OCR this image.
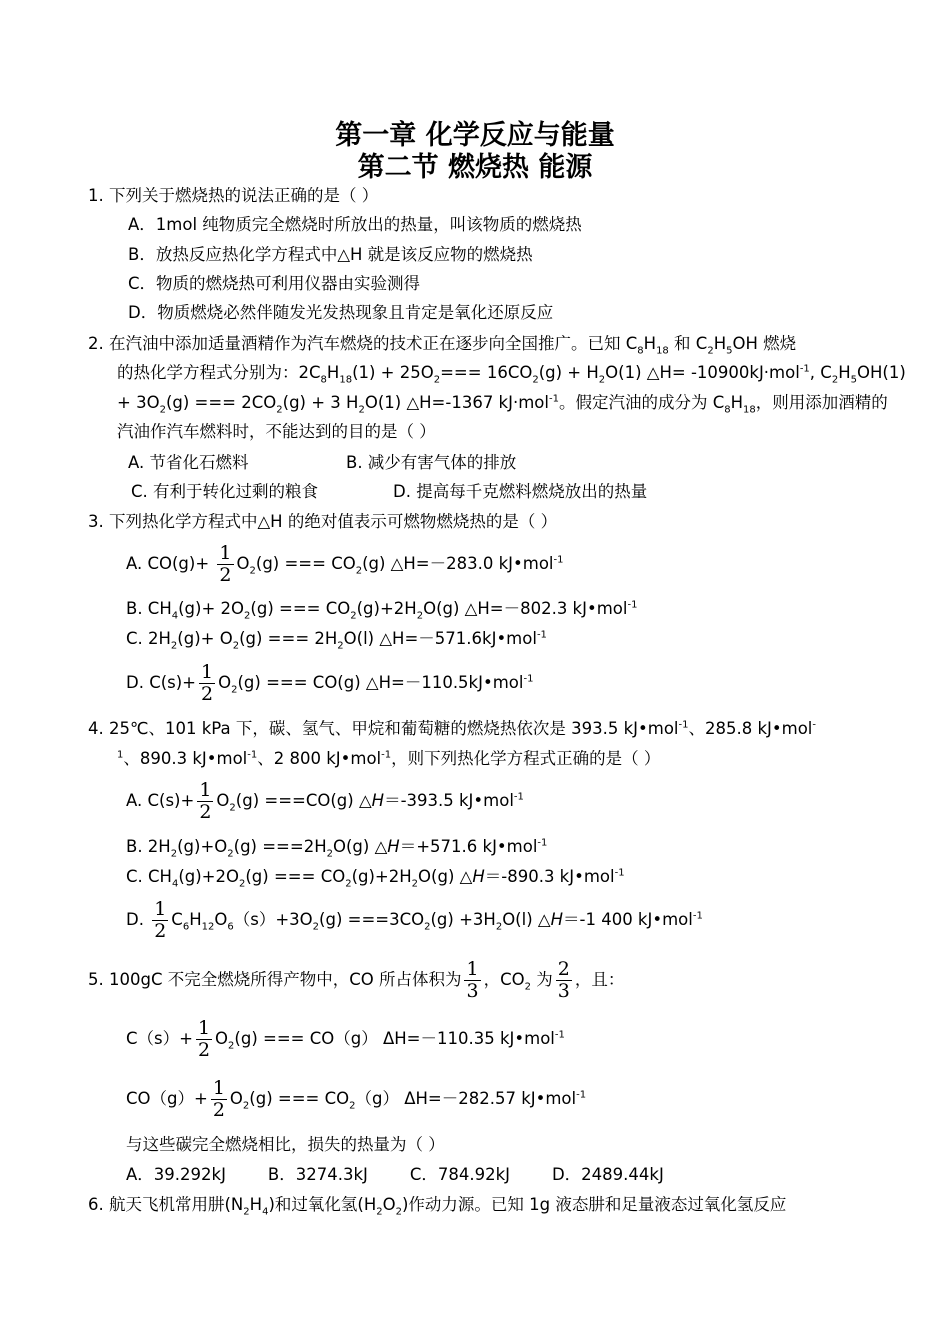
第一章 化学反应与能量
第二节 燃烧热 能源
1. 下列关于燃烧热的说法正确的是（ ）
A．1mol 纯物质完全燃烧时所放出的热量，叫该物质的燃烧热
B．放热反应热化学方程式中△H 就是该反应物的燃烧热
C．物质的燃烧热可利用仪器由实验测得
D．物质燃烧必然伴随发光发热现象且肯定是氧化还原反应
2. 在汽油中添加适量酒精作为汽车燃烧的技术正在逐步向全国推广。已知 $C_8H_{18}$ 和 $C_2H_5OH$ 燃烧
的热化学方程式分别为：$2C_8H_{18}(1) + 25O_2=== 16CO_2(g) + H_2O(1)$ △H= -10900kJ·mol$^{-1}$, $C_2H_5OH(1)$
+ $3O_2(g)$ === $2CO_2(g) + 3$ $H_2O(1)$ △H=-1367 kJ·mol$^{-1}$。假定汽油的成分为 $C_8H_{18}$，则用添加酒精的
汽油作汽车燃料时，不能达到的目的是（ ）
A. 节省化石燃料	B. 减少有害气体的排放
C. 有利于转化过剩的粮食	D. 提高每千克燃料燃烧放出的热量
3. 下列热化学方程式中△H 的绝对值表示可燃物燃烧热的是（ ）
A. $CO(g)+ \frac{1}{2} O_2(g)$ === $CO_2(g)$ △H=－283.0 kJ•mol$^{-1}$
B. $CH_4(g)+ 2O_2(g)$ === $CO_2(g)+2H_2O(g)$ △H=－802.3 kJ•mol$^{-1}$
C. $2H_2(g)+ O_2(g)$ === $2H_2O(l)$ △H=－571.6kJ•mol$^{-1}$
D. $C(s)+ \frac{1}{2} O_2(g)$ === CO(g) △H=－110.5kJ•mol$^{-1}$
4. 25℃、101 kPa 下，碳、氢气、甲烷和葡萄糖的燃烧热依次是 393.5 kJ•mol$^{-1}$、285.8 kJ•mol-
$^1$、890.3 kJ•mol$^{-1}$、2 800 kJ•mol$^{-1}$，则下列热化学方程式正确的是（ ）
A. $C(s)+ \frac{1}{2} O_2(g) ===CO(g)$ △H＝-393.5 kJ•mol$^{-1}$
B. $2H_2(g)+O_2(g) ===2H_2O(g)$ △H＝+571.6 kJ•mol$^{-1}$
C. $CH_4(g)+2O_2(g)$ === $CO_2(g)+2H_2O(g)$ △H＝-890.3 kJ•mol$^{-1}$
D. $\frac{1}{2} C_6H_{12}O_6(s)+3O_2(g) ===3CO_2(g) +3H_2O(l)$ △H＝-1 400 kJ•mol$^{-1}$
5. 100gC 不完全燃烧所得产物中，CO 所占体积为 $\frac{1}{3}$ ，$CO_2$ 为 $\frac{2}{3}$ ，且：
$C(s)+ \frac{1}{2} O_2(g)$ === CO（g） ΔH=－110.35 kJ•mol$^{-1}$
$CO(g)+ \frac{1}{2} O_2(g)$ === $CO_2(g)$ ΔH=－282.57 kJ•mol$^{-1}$
与这些碳完全燃烧相比，损失的热量为（ ）
A．39.292kJ        B．3274.3kJ        C．784.92kJ        D．2489.44kJ
6. 航天飞机常用肼$(N_2H_4)$和过氧化氢$(H_2O_2)$作动力源。已知 1g 液态肼和足量液态过氧化氢反应
